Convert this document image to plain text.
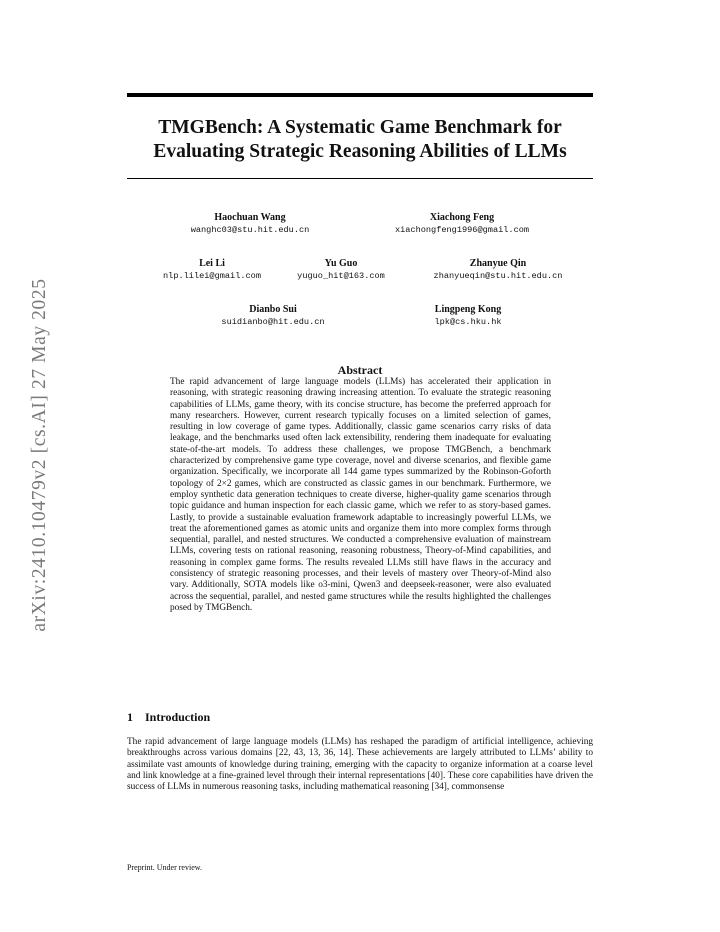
arXiv:2410.10479v2 [cs.AI] 27 May 2025
TMGBench: A Systematic Game Benchmark for
Evaluating Strategic Reasoning Abilities of LLMs
Haochuan Wang
wanghc03@stu.hit.edu.cn
Xiachong Feng
xiachongfeng1996@gmail.com
Lei Li
nlp.lilei@gmail.com
Yu Guo
yuguo_hit@163.com
Zhanyue Qin
zhanyueqin@stu.hit.edu.cn
Dianbo Sui
suidianbo@hit.edu.cn
Lingpeng Kong
lpk@cs.hku.hk
Abstract
The rapid advancement of large language models (LLMs) has accelerated their application in reasoning, with strategic reasoning drawing increasing attention. To evaluate the strategic reasoning capabilities of LLMs, game theory, with its concise structure, has become the preferred approach for many researchers. However, current research typically focuses on a limited selection of games, resulting in low coverage of game types. Additionally, classic game scenarios carry risks of data leakage, and the benchmarks used often lack extensibility, rendering them inadequate for evaluating state-of-the-art models. To address these challenges, we propose TMGBench, a benchmark characterized by comprehensive game type coverage, novel and diverse scenarios, and flexible game organization. Specifically, we incorporate all 144 game types summarized by the Robinson-Goforth topology of 2×2 games, which are constructed as classic games in our benchmark. Furthermore, we employ synthetic data generation techniques to create diverse, higher-quality game scenarios through topic guidance and human inspection for each classic game, which we refer to as story-based games. Lastly, to provide a sustainable evaluation framework adaptable to increasingly powerful LLMs, we treat the aforementioned games as atomic units and organize them into more complex forms through sequential, parallel, and nested structures. We conducted a comprehensive evaluation of mainstream LLMs, covering tests on rational reasoning, reasoning robustness, Theory-of-Mind capabilities, and reasoning in complex game forms. The results revealed LLMs still have flaws in the accuracy and consistency of strategic reasoning processes, and their levels of mastery over Theory-of-Mind also vary. Additionally, SOTA models like o3-mini, Qwen3 and deepseek-reasoner, were also evaluated across the sequential, parallel, and nested game structures while the results highlighted the challenges posed by TMGBench.
1 Introduction
The rapid advancement of large language models (LLMs) has reshaped the paradigm of artificial intelligence, achieving breakthroughs across various domains [22, 43, 13, 36, 14]. These achievements are largely attributed to LLMs’ ability to assimilate vast amounts of knowledge during training, emerging with the capacity to organize information at a coarse level and link knowledge at a fine-grained level through their internal representations [40]. These core capabilities have driven the success of LLMs in numerous reasoning tasks, including mathematical reasoning [34], commonsense
Preprint. Under review.
